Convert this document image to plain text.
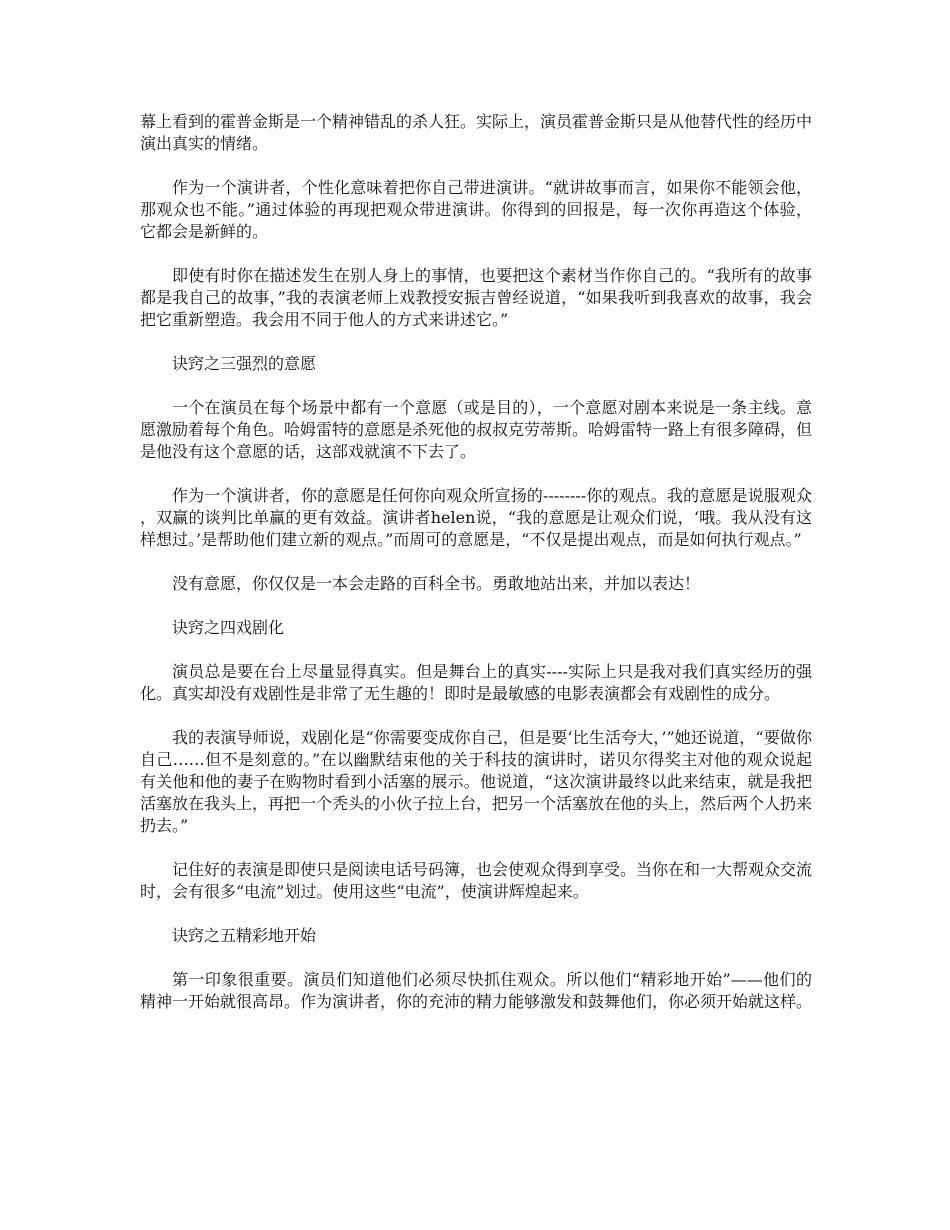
幕上看到的霍普金斯是一个精神错乱的杀人狂。实际上，演员霍普金斯只是从他替代性的经历中演出真实的情绪。

作为一个演讲者，个性化意味着把你自己带进演讲。“就讲故事而言，如果你不能领会他，那观众也不能。”通过体验的再现把观众带进演讲。你得到的回报是，每一次你再造这个体验，它都会是新鲜的。

即使有时你在描述发生在别人身上的事情，也要把这个素材当作你自己的。“我所有的故事都是我自己的故事，”我的表演老师上戏教授安振吉曾经说道，“如果我听到我喜欢的故事，我会把它重新塑造。我会用不同于他人的方式来讲述它。”

诀窍之三强烈的意愿

一个在演员在每个场景中都有一个意愿（或是目的），一个意愿对剧本来说是一条主线。意愿激励着每个角色。哈姆雷特的意愿是杀死他的叔叔克劳蒂斯。哈姆雷特一路上有很多障碍，但是他没有这个意愿的话，这部戏就演不下去了。

作为一个演讲者，你的意愿是任何你向观众所宣扬的--------你的观点。我的意愿是说服观众，双赢的谈判比单赢的更有效益。演讲者helen说，“我的意愿是让观众们说，‘哦。我从没有这样想过。’是帮助他们建立新的观点。”而周可的意愿是，“不仅是提出观点，而是如何执行观点。”

没有意愿，你仅仅是一本会走路的百科全书。勇敢地站出来，并加以表达！

诀窍之四戏剧化

演员总是要在台上尽量显得真实。但是舞台上的真实----实际上只是我对我们真实经历的强化。真实却没有戏剧性是非常了无生趣的！即时是最敏感的电影表演都会有戏剧性的成分。

我的表演导师说，戏剧化是“你需要变成你自己，但是要‘比生活夸大，’”她还说道，“要做你自己……但不是刻意的。”在以幽默结束他的关于科技的演讲时，诺贝尔得奖主对他的观众说起有关他和他的妻子在购物时看到小活塞的展示。他说道，“这次演讲最终以此来结束，就是我把活塞放在我头上，再把一个秃头的小伙子拉上台，把另一个活塞放在他的头上，然后两个人扔来扔去。”

记住好的表演是即使只是阅读电话号码簿，也会使观众得到享受。当你在和一大帮观众交流时，会有很多“电流”划过。使用这些“电流”，使演讲辉煌起来。

诀窍之五精彩地开始

第一印象很重要。演员们知道他们必须尽快抓住观众。所以他们“精彩地开始”——他们的精神一开始就很高昂。作为演讲者，你的充沛的精力能够激发和鼓舞他们，你必须开始就这样。
